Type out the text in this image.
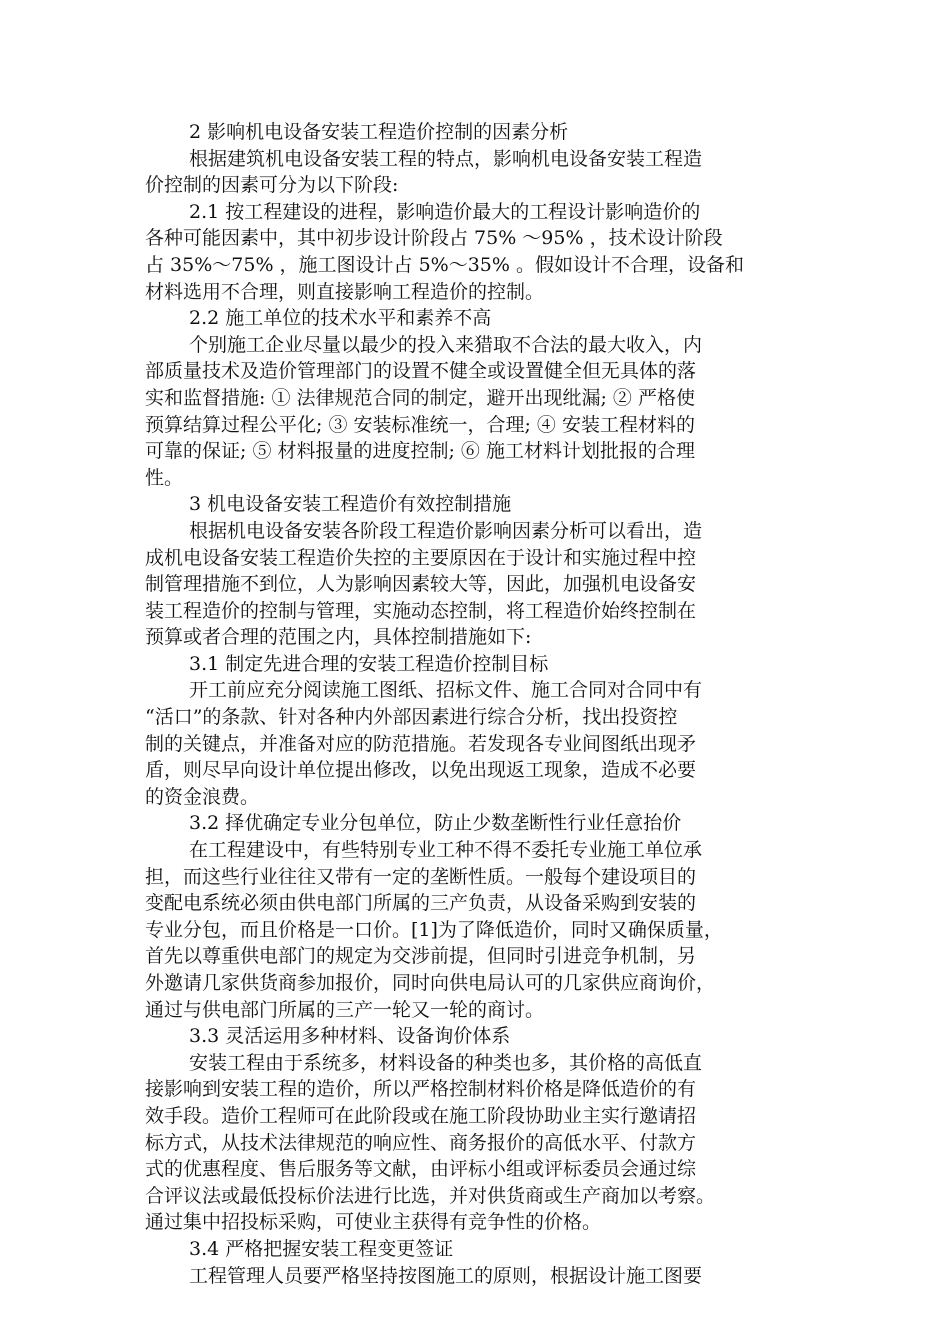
2 影响机电设备安装工程造价控制的因素分析
根据建筑机电设备安装工程的特点，影响机电设备安装工程造
价控制的因素可分为以下阶段:
2.1 按工程建设的进程，影响造价最大的工程设计影响造价的
各种可能因素中，其中初步设计阶段占 75% ～95% ，技术设计阶段
占 35%～75% ，施工图设计占 5%～35% 。假如设计不合理，设备和
材料选用不合理，则直接影响工程造价的控制。
2.2 施工单位的技术水平和素养不高
个别施工企业尽量以最少的投入来猎取不合法的最大收入，内
部质量技术及造价管理部门的设置不健全或设置健全但无具体的落
实和监督措施: ① 法律规范合同的制定，避开出现纰漏; ② 严格使
预算结算过程公平化; ③ 安装标准统一，合理; ④ 安装工程材料的
可靠的保证; ⑤ 材料报量的进度控制; ⑥ 施工材料计划批报的合理
性。
3 机电设备安装工程造价有效控制措施
根据机电设备安装各阶段工程造价影响因素分析可以看出，造
成机电设备安装工程造价失控的主要原因在于设计和实施过程中控
制管理措施不到位，人为影响因素较大等，因此，加强机电设备安
装工程造价的控制与管理，实施动态控制，将工程造价始终控制在
预算或者合理的范围之内，具体控制措施如下:
3.1 制定先进合理的安装工程造价控制目标
开工前应充分阅读施工图纸、招标文件、施工合同对合同中有
“活口”的条款、针对各种内外部因素进行综合分析，找出投资控
制的关键点，并准备对应的防范措施。若发现各专业间图纸出现矛
盾，则尽早向设计单位提出修改，以免出现返工现象，造成不必要
的资金浪费。
3.2 择优确定专业分包单位，防止少数垄断性行业任意抬价
在工程建设中，有些特别专业工种不得不委托专业施工单位承
担，而这些行业往往又带有一定的垄断性质。一般每个建设项目的
变配电系统必须由供电部门所属的三产负责，从设备采购到安装的
专业分包，而且价格是一口价。[1]为了降低造价，同时又确保质量，
首先以尊重供电部门的规定为交涉前提，但同时引进竞争机制，另
外邀请几家供货商参加报价，同时向供电局认可的几家供应商询价，
通过与供电部门所属的三产一轮又一轮的商讨。
3.3 灵活运用多种材料、设备询价体系
安装工程由于系统多，材料设备的种类也多，其价格的高低直
接影响到安装工程的造价，所以严格控制材料价格是降低造价的有
效手段。造价工程师可在此阶段或在施工阶段协助业主实行邀请招
标方式，从技术法律规范的响应性、商务报价的高低水平、付款方
式的优惠程度、售后服务等文献，由评标小组或评标委员会通过综
合评议法或最低投标价法进行比选，并对供货商或生产商加以考察。
通过集中招投标采购，可使业主获得有竞争性的价格。
3.4 严格把握安装工程变更签证
工程管理人员要严格坚持按图施工的原则，根据设计施工图要
